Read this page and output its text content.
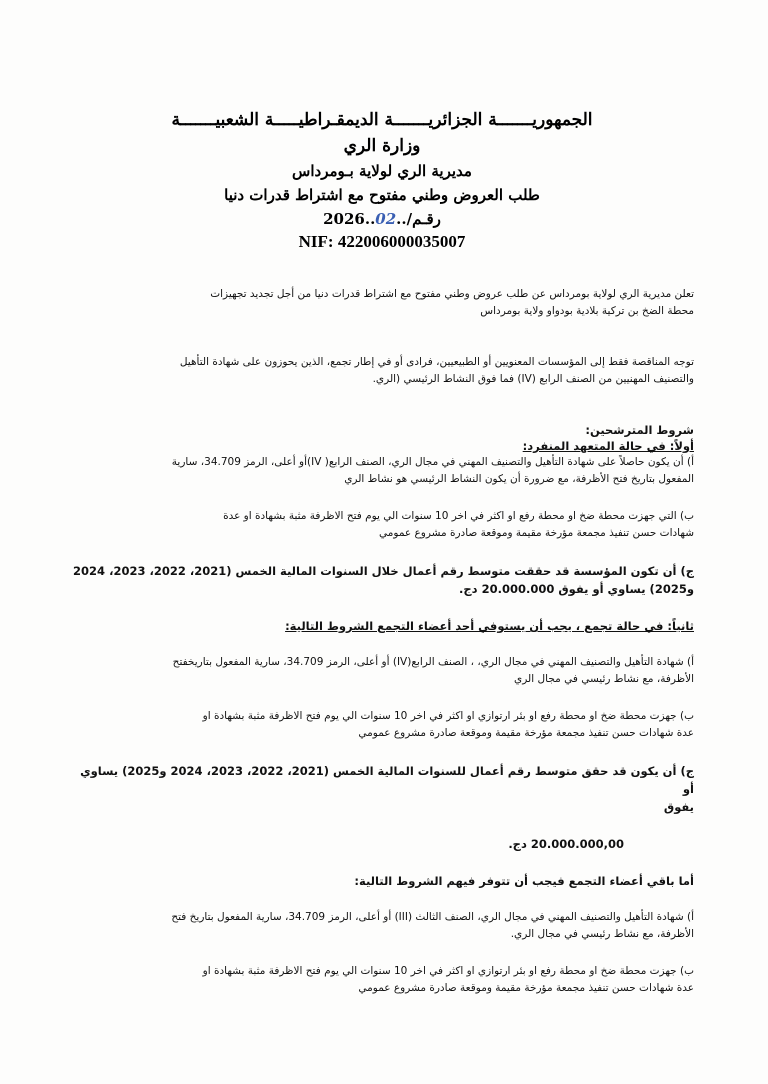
الجمهوريـــــــة الجزائريـــــــة الديمقـراطيـــــة الشعبيـــــــة
وزارة الري
مديرية الري لولاية بـومرداس
طلب العروض وطني مفتوح مع اشتراط قدرات دنيا
رقـم/..02..2026
NIF: 422006000035007

تعلن مديرية الري لولاية بومرداس عن طلب عروض وطني مفتوح مع اشتراط قدرات دنيا من أجل تجديد تجهيزات

محطة الضخ بن تركية بلادية بودواو ولاية بومرداس

توجه المناقصة فقط إلى المؤسسات المعنويين أو الطبيعيين، فرادى أو في إطار تجمع، الذين يحوزون على شهادة التأهيل

والتصنيف المهنيين من الصنف الرابع (IV) فما فوق النشاط الرئيسي (الري.

شروط المترشحين:
أولاً: في حالة المتعهد المنفرد:

أ) أن يكون حاصلاً على شهادة التأهيل والتصنيف المهني في مجال الري، الصنف الرابع( IV)أو أعلى، الرمز 34.709، سارية

المفعول بتاريخ فتح الأظرفة، مع ضرورة أن يكون النشاط الرئيسي هو نشاط الري

ب) التي جهزت محطة ضخ او محطة رفع او اكثر في اخر 10 سنوات الي يوم فتح الاظرفة مثبة بشهادة او عدة

شهادات حسن تنفيذ مجمعة مؤرخة مقيمة وموقعة صادرة مشروع عمومي

ج) أن تكون المؤسسة قد حققت متوسط رقم أعمال خلال السنوات المالية الخمس (2021، 2022، 2023، 2024

و2025) يساوي أو يفوق 20.000.000 دج.

ثانياً: في حالة تجمع ، يجب أن يستوفي أحد أعضاء التجمع الشروط التالية:

أ) شهادة التأهيل والتصنيف المهني في مجال الري، ، الصنف الرابع(IV) أو أعلى، الرمز 34.709، سارية المفعول بتاريخفتح

الأظرفة، مع نشاط رئيسي في مجال الري

ب) جهزت محطة ضخ او محطة رفع او بئر ارتوازي او اكثر في اخر 10 سنوات الي يوم فتح الاظرفة مثبة بشهادة او

عدة شهادات حسن تنفيذ مجمعة مؤرخة مقيمة وموقعة صادرة مشروع عمومي

ج) أن يكون قد حقق متوسط رقم أعمال للسنوات المالية الخمس (2021، 2022، 2023، 2024 و2025) يساوي أو

يفوق

20.000.000,00 دج.

أما باقي أعضاء التجمع فيجب أن تتوفر فيهم الشروط التالية:

أ) شهادة التأهيل والتصنيف المهني في مجال الري، الصنف الثالث (III) أو أعلى، الرمز 34.709، سارية المفعول بتاريخ فتح

الأظرفة، مع نشاط رئيسي في مجال الري.

ب) جهزت محطة ضخ او محطة رفع او بئر ارتوازي او اكثر في اخر 10 سنوات الي يوم فتح الاظرفة مثبة بشهادة او

عدة شهادات حسن تنفيذ مجمعة مؤرخة مقيمة وموقعة صادرة مشروع عمومي
